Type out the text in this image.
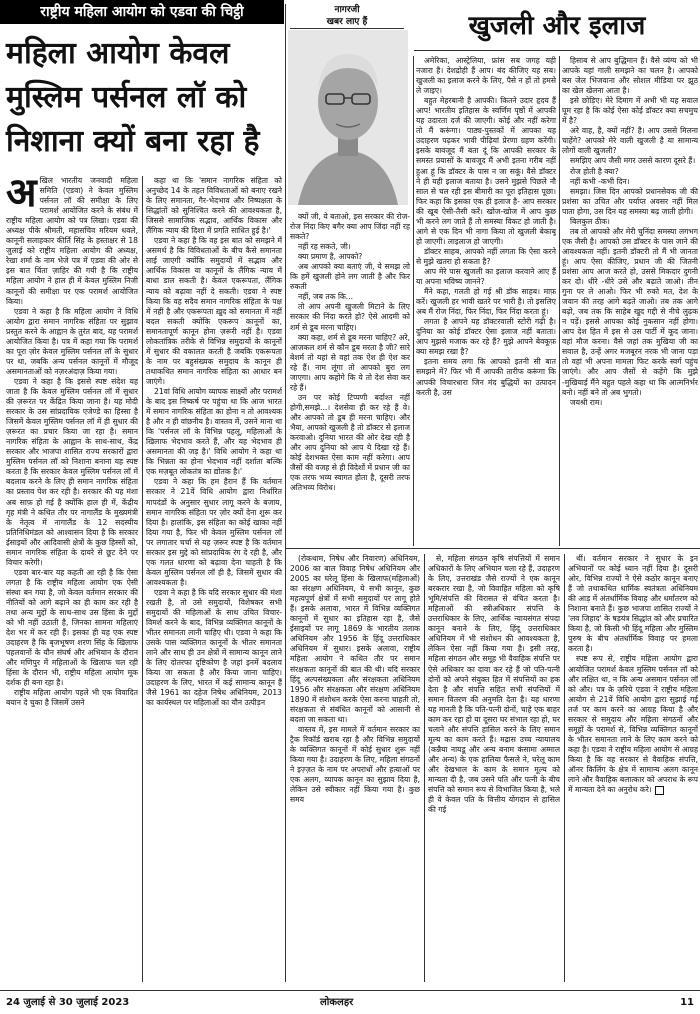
राष्ट्रीय महिला आयोग को एडवा की चिट्ठी
महिला आयोग केवल मुस्लिम पर्सनल लॉ को निशाना क्यों बना रहा है
अ खिल भारतीय जनवादी महिला समिति (एडवा) ने केवल मुस्लिम पर्सनल लॉ की समीक्षा के लिए परामर्श आयोजित करने के संबंध में राष्ट्रीय महिला आयोग को पत्र लिखा। एडवा की अध्यक्ष पीके श्रीमती, महासचिव मरियम धवले, कानूनी सलाहकार कीर्ति सिंह के हस्ताक्षर से 18 जुलाई को राष्ट्रीय महिला आयोग की अध्यक्ष, रेखा शर्मा के नाम भेजे पत्र में एडवा की ओर से इस बात चिंता ज़ाहिर की गयी है कि राष्ट्रीय महिला आयोग ने हाल ही में केवल मुस्लिम निजी कानूनों की समीक्षा पर एक परामर्श आयोजित किया।

एडवा ने कहा है कि महिला आयोग ने विधि आयोग द्वारा समान नागरिक संहिता पर सुझाव प्रस्तुत करने के आह्वान के तुरंत बाद, यह परामर्श आयोजित किया है। पत्र में कहा गया कि परामर्श का पूरा ज़ोर केवल मुस्लिम पर्सनल लॉ के सुधार पर था, जबकि अन्य पर्सनल कानूनों में मौजूद असमानताओं को नज़रअंदाज़ किया गया।

एडवा ने कहा है कि इससे स्पष्ट संदेश यह जाता है कि केवल मुस्लिम पर्सनल लॉ में सुधार की ज़रूरत पर केंद्रित किया जाना है। यह मोदी सरकार के उस सांप्रदायिक एजेण्डे का हिस्सा है जिसमें केवल मुस्लिम पर्सनल लॉ में ही सुधार की ज़रूरत का प्रचार किया जा रहा है। समान नागरिक संहिता के आह्वान के साथ-साथ, केंद्र सरकार और भाजपा शासित राज्य सरकारों द्वारा मुस्लिम पर्सनल लॉ को निशाना बनाना यह स्पष्ट करता है कि सरकार केवल मुस्लिम पर्सनल लॉ में बदलाव करने के लिए ही समान नागरिक संहिता का प्रस्ताव पेश कर रही है। सरकार की यह मंशा अब साफ़ हो गई है क्योंकि हाल ही में, केंद्रीय गृह मंत्री ने कथित तौर पर नागालैंड के मुख्यमंत्री के नेतृत्व में नागालैंड के 12 सदस्यीय प्रतिनिधिमंडल को आश्वासन दिया है कि सरकार ईसाइयों और आदिवासी क्षेत्रों के कुछ हिस्सों को, समान नागरिक संहिता के दायरे से छूट देने पर विचार करेगी।

एडवा बार-बार यह कहती आ रही है कि ऐसा लगता है कि राष्ट्रीय महिला आयोग एक ऐसी संस्था बन गया है, जो केवल वर्तमान सरकार की नीतियों को आगे बढ़ाने का ही काम कर रही है तथा अन्य मुद्दों के साथ-साथ उस हिंसा के मुद्दों को भी नहीं उठाती है, जिनका सामना महिलाएं देश भर में कर रही हैं। इसका ही यह एक स्पष्ट उदाहरण है कि बृजभूषण शरण सिंह के खिलाफ पहलवानों के यौन संघर्ष और अभियान के दौरान और मणिपुर में महिलाओं के खिलाफ चल रही हिंसा के दौरान भी, राष्ट्रीय महिला आयोग मूक दर्शक ही बना रहा है।

राष्ट्रीय महिला आयोग पहले भी एक विवादित बयान दे चुका है जिसमें उसने

कहा था कि 'समान नागरिक संहिता को अनुच्छेद 14 के तहत विविधताओं को बनाए रखने के लिए समानता, गैर-भेदभाव और निष्पक्षता के सिद्धांतों को सुनिश्चित करने की आवश्यकता है, जिससे सामाजिक सद्भाव, आर्थिक विकास और लैंगिक न्याय की दिशा में प्रगति साधित हुई है।'

एडवा ने कहा है कि वह इस बात को समझने में असमर्थ है कि विविधताओं के बीच कैसे समानता लाई जाएगी क्योंकि समुदायों में सद्भाव और आर्थिक विकास या कानूनों के लैंगिक न्याय में बाधा डाल सकती है। केवल एकरूपता, लैंगिक न्याय को बढ़ावा नहीं दे सकती। एडवा ने स्पष्ट किया कि वह सदैव समान नागरिक संहिता के पक्ष में नहीं है और एकरूपता ख़ुद को समानता में नहीं बदल सकती क्योंकि एकरूप कानूनों का, समानतापूर्ण कानून होना ज़रूरी नहीं है। एडवा लोकतांत्रिक तरीके से विभिन्न समुदायों के कानूनों में सुधार की वकालत करती है जबकि एकरूपता के नाम पर बहुसंख्यक समुदाय के कानून ही तथाकथित समान नागरिक संहिता का आधार बन जाएंगे।

21वां विधि आयोग व्यापक साक्ष्यों और परामर्श के बाद इस निष्कर्ष पर पहुंचा था कि आज भारत में समान नागरिक संहिता का होना न तो आवश्यक है और न ही वांछनीय है। वास्तव में, उसने माना था कि 'पर्सनल लॉ के विभिन्न पहलू, महिलाओं के खिलाफ भेदभाव करते हैं, और यह भेदभाव ही असमानता की जड़ है।' विधि आयोग ने कहा था कि भिन्नता का होना भेदभाव नहीं दर्शाता बल्कि एक मज़बूत लोकतंत्र का द्योतक है।'

एडवा ने कहा कि हम हैरान हैं कि वर्तमान सरकार ने 21वें विधि आयोग द्वारा निर्धारित मापदंडों के अनुसार सुधार लागू करने के बजाय, समान नागरिक संहिता पर ज़ोर क्यों देना शुरू कर दिया है। हालांकि, इस संहिता का कोई खाका नहीं दिया गया है, फिर भी केवल मुस्लिम पर्सनल लॉ पर लगातार चर्चा से यह ज़रूर स्पष्ट है कि वर्तमान सरकार इस मुद्दे को सांप्रदायिक रंग दे रही है, और एक गलत धारणा को बढ़ावा देना चाहती है कि केवल मुस्लिम पर्सनल लॉ ही है, जिसमें सुधार की आवश्यकता है।

एडवा ने कहा है कि यदि सरकार सुधार की मंशा रखती है, तो उसे समुदायों, विशेषकर सभी समुदायों की महिलाओं के साथ उचित विचार-विमर्श करने के बाद, विभिन्न व्यक्तिगत कानूनों के भीतर समानता लानी चाहिए थी। एडवा ने कहा कि उसके पास व्यक्तिगत कानूनों के भीतर समानता लाने और साथ ही उन क्षेत्रों में सामान्य कानून लाने के लिए दोतरफा दृष्टिकोण है जहां इनमें बदलाव किया जा सकता है और किया जाना चाहिए। उदाहरण के लिए, भारत में कई सामान्य कानून हैं जैसे 1961 का दहेज निषेध अधिनियम, 2013 का कार्यस्थल पर महिलाओं का यौन उत्पीड़न

नागरजी
खबर लाए हैं	खुजली और इलाज

क्यों जी, ये बताओ, इस सरकार की रोज-रोज निंदा किए बगैर क्या आप जिंदा नहीं रह सकते?

नहीं रह सकते, जी।

क्या प्रमाण है, आपको?

अब आपको क्या बताएं जी, ये समझ लो कि हमें खुजली होने लग जाती है और फिर रुकती

नहीं, जब तक कि...

तो आप अपनी खुजली मिटाने के लिए सरकार की निंदा करते हो? ऐसे आदमी को शर्म से डूब मरना चाहिए।

क्या कहा, शर्म से डूब मरना चाहिए? अरे, आजकल शर्म से कौन डूब मरता है जी? सारे बेशर्म तो यहां से वहां तक ऐश ही ऐश कर रहे हैं। नाम लूंगा तो आपको बुरा लग जाएगा। आप कहोगे कि ये तो देश सेवा कर रहे हैं।

उन पर कोई टिप्पणी बर्दाश्त नहीं होगी,समझे...। देशसेवा ही कर रहे हैं वे। और आपको तो डूब ही मरना चाहिए। और भैया, आपको खुजली है तो डॉक्टर से इलाज करवाओ। दुनिया भारत की ओर देख रही है और आप दुनिया को आप ये दिखा रहे हैं। कोई देशभक्त ऐसा काम नहीं करेगा। आप जैसों की वजह से ही विदेशों में प्रधान जी का एक तरफ भव्य स्वागत होता है, दूसरी तरफ अतिभव्य विरोध।

अमेरिका, आस्ट्रेलिया, फ्रांस सब जगह यही नजारा है। देशद्रोही हैं आप। बंद कीजिए यह सब। खुजली का इलाज करने के लिए, पैसे न हों तो हमसे ले जाइए।

बहुत मेहरबानी है आपकी। कितने उदार हृदय हैं आप! भारतीय इतिहास के स्वर्णिम पृष्ठों में आपकी यह उदारता दर्ज की जाएगी। कोई और नहीं करेगा तो मैं करूंगा। पाठ्य-पुस्तकों में आपका यह उदाहरण पढ़कर भावी पीढ़ियां प्रेरणा ग्रहण करेंगी। इसके बावजूद मैं बता दूं कि आपकी सरकार के समस्त प्रयासों के बावजूद मैं अभी इतना गरीब नहीं हुआ हूं कि डॉक्टर के पास न जा सकूं। वैसे डॉक्टर ने ही यही इलाज बताया है। उसने मुझसे पिछले नौ साल से चल रही इस बीमारी का पूरा इतिहास पूछा। फिर कहा कि इसका एक ही इलाज है- आप सरकार की खूब ऐसी-तैसी करें। खोज-खोज में आप कुछ भी करने लग जाते हैं तो समस्या विकट हो जाती है। आगे से एक दिन भी नागा किया तो खुजली बेकाबू हो जाएगी। लाइलाज हो जाएगी।

डॉक्टर साहब, आपको नहीं लगता कि ऐसा करने से मुझे खतरा हो सकता है?

आप मेरे पास खुजली का इलाज करवाने आए हैं या अपना भविष्य जानने?

मैंने कहा, गलती हो गई श्री डॉक साहब। माफ़ करें। खुजली हर भावी खतरे पर भारी है। तो इसलिए अब मैं रोज निंदा, फिर निंदा, फिर निंदा करता हूं।

लगता है आपने यह डॉक्टरवाली स्टोरी गढ़ी है। दुनिया का कोई डॉक्टर ऐसा इलाज नहीं बताता। आप मुझसे मजाक कर रहे हैं? मुझे आपने बेवकूफ़ क्या समझ रखा है?

इतना समय लगा कि आपको इतनी सी बात समझने में? फिर भी मैं आपकी तारीफ करूंगा कि आपकी विचारधारा जिन मंद बुद्धियों का उत्पादन करती है, उस

हिसाब से आप बुद्धिमान हैं। वैसे व्यंग्य को भी आपके यहां गाली समझने का चलन है। आपको बस जेल भिजवाना और सोशल मीडिया पर झूठ का खेल खेलना आता है।

इसे छोड़िए। मेरे दिमाग में अभी भी यह सवाल घूम रहा है कि कोई ऐसा कोई डॉक्टर क्या सचमुच में है?

अरे वाह, है, क्यों नहीं? है। आप उससे मिलना चाहेंगे? आपको मेरे वाली खुजली है या सामान्य लोगों वाली खुजली?

समझिए आप जैसी मगर उससे कारण दूसरे हैं।

रोज होती है क्या?

नहीं कभी -कभी दिन।

समझा। जिस दिन आपको प्रधानसेवक जी की प्रशंसा का उचित और पर्याप्त अवसर नहीं मिल पाता होगा, उस दिन यह समस्या बढ़ जाती होगी।

बिलकुल ठीक।

तब तो आपको और मेरी चुनिंदा समस्या लगभग एक जैसी है। आपको उस डॉक्टर के पास जाने की आवश्यकता नहीं। इतनी डॉक्टरी तो मैं भी जानता हूं। आप ऐसा कीजिए, प्रधान जी की जितनी प्रशंसा आप आज करते हो, उससे मिकदार दुगनी कर दो। धीरे -धीरे उसे और बढ़ाते जाओ। तीन गुना पर ले आओ। फिर भी रुको मत, देश के जवान की तरह आगे बढ़ते जाओ। तब तक आगे बढ़ो, जब तक कि साहेब खुद गद्दी से नीचे लुढ़क न पड़ें। इससे आपका कोई नुकसान नहीं होगा। आप देश हित में इस से उस पार्टी में कूद जाना। वहां मौज करना। वैसे जहां तक मुखिया जी का सवाल है, उन्हें अगर मजबूरन नरक भी जाना पड़ा तो वहां भी अपना मामला फिट करके स्वर्ग पहुंच जाएंगे। और आप जैसों से कहेंगे कि मुझे -मुखियाई मैंने बहुत पहले कहा था कि आत्मनिर्भर बनो। नहीं बने तो अब भुगतो।

जयश्री राम।

(रोकथाम, निषेध और निवारण) अधिनियम, 2006 का बाल विवाह निषेध अधिनियम और 2005 का घरेलू हिंसा के खिलाफ(महिलाओं) का संरक्षण अधिनियम, ये सभी कानून, कुछ महत्वपूर्ण क्षेत्रों में सभी समुदायों पर लागू होते हैं। इसके अलावा, भारत में विभिन्न व्यक्तिगत कानूनों में सुधार का इतिहास रहा है, जैसे ईसाइयों पर लागू 1869 के भारतीय तलाक अधिनियम और 1956 के हिंदू उत्तराधिकार अधिनियम में सुधार। इसके अलावा, राष्ट्रीय महिला आयोग ने कथित तौर पर समान संरक्षकता कानूनों की बात की थी। यदि सरकार हिंदू अल्पसंख्यकता और संरक्षकता अधिनियम 1956 और संरक्षकता और संरक्षण अधिनियम 1890 में संशोधन करके ऐसा करना चाहती तो, संरक्षकता से संबंधित कानूनों को आसानी से बदला जा सकता था।

वास्तव में, इस मामले में वर्तमान सरकार का ट्रैक रिकॉर्ड खराब रहा है और विभिन्न समुदायों के व्यक्तिगत कानूनों में कोई सुधार शुरू नहीं किया गया है। उदाहरण के लिए, महिला संगठनों ने इज़्ज़त के नाम पर अपराधों और हत्याओं पर एक अलग, व्यापक कानून का सुझाव दिया है, लेकिन उसे स्वीकार नहीं किया गया है। कुछ समय

से, महिला संगठन कृषि संपत्तियों में समान अधिकारों के लिए अभियान चला रहे हैं, उदाहरण के लिए, उत्तराखंड जैसे राज्यों ने एक कानून बरकरार रखा है, जो विवाहित महिला को कृषि भूमि/संपत्ति की विरासत से वंचित करता है। महिलाओं की स्त्रीअधिकार संपत्ति के उत्तराधिकार के लिए, आर्थिक न्यायसंगत संपदा कानून बनाने के लिए, हिंदू उत्तराधिकार अधिनियम में भी संशोधन की आवश्यकता है, लेकिन ऐसा नहीं किया गया है। इसी तरह, महिला संगठन और समूह भी वैवाहिक संपत्ति पर ऐसे अधिकार का दावा कर रहे हैं जो पति-पत्नी दोनों को अपने संयुक्त हित में संपत्तियों का हक देता है और संपत्ति सहित सभी संपत्तियों में समान वितरण की अनुमति देता है। यह धारणा यह मानती है कि पति-पत्नी दोनों, चाहे एक बाहर काम कर रहा हो या दूसरा घर संभाल रहा हो, घर चलाने और संपत्ति हासिल करने के लिए समान मूल्य का काम करते हैं। मद्रास उच्च न्यायालय (कन्नैया नायडू और अन्य बनाम कंसामा अम्माल और अन्य) के एक हालिया फैसले ने, घरेलू काम और देखभाल के काम के समान मूल्य को मान्यता दी है, जब उसने पति और पत्नी के बीच संपत्ति को समान रूप से विभाजित किया है, भले ही वे केवल पति के वित्तीय योगदान से हासिल की गई

थीं। वर्तमान सरकार ने सुधार के इन अभियानों पर कोई ध्यान नहीं दिया है। दूसरी ओर, विभिन्न राज्यों ने ऐसे कठोर कानून बनाए हैं जो तथाकथित धार्मिक स्वतंत्रता अधिनियम की आड़ में अंतर्धार्मिक विवाह और धर्मांतरण को निशाना बनाते हैं। कुछ भाजपा शासित राज्यों ने 'लव जिहाद' के षड़यंत्र सिद्धांत को और प्रचारित किया है, जो किसी भी हिंदू महिला और मुस्लिम पुरुष के बीच अंतर्धार्मिक विवाह पर हमला करता है।

स्पष्ट रूप से, राष्ट्रीय महिला आयोग द्वारा आयोजित परामर्श केवल मुस्लिम पर्सनल लॉ को और लक्षित था, न कि अन्य असमान पर्सनल लॉ को और। पत्र के ज़रिये एडवा ने राष्ट्रीय महिला आयोग से 21वें विधि आयोग द्वारा सुझाई गई तर्ज पर काम करने का आग्रह किया है और सरकार से समुदाय और महिला संगठनों और समूहों के परामर्श से, विभिन्न व्यक्तिगत कानूनों के भीतर समानता लाने के लिए काम करने को कहा है। एडवा ने राष्ट्रीय महिला आयोग से आग्रह किया है कि वह सरकार से वैवाहिक संपत्ति, ऑनर किलिंग के क्षेत्र में सामान्य अलग कानून लाने और वैवाहिक बलात्कार को अपराध के रूप में मान्यता देने का अनुरोध करे।

24 जुलाई से 30 जुलाई 2023	लोकलहर	11
